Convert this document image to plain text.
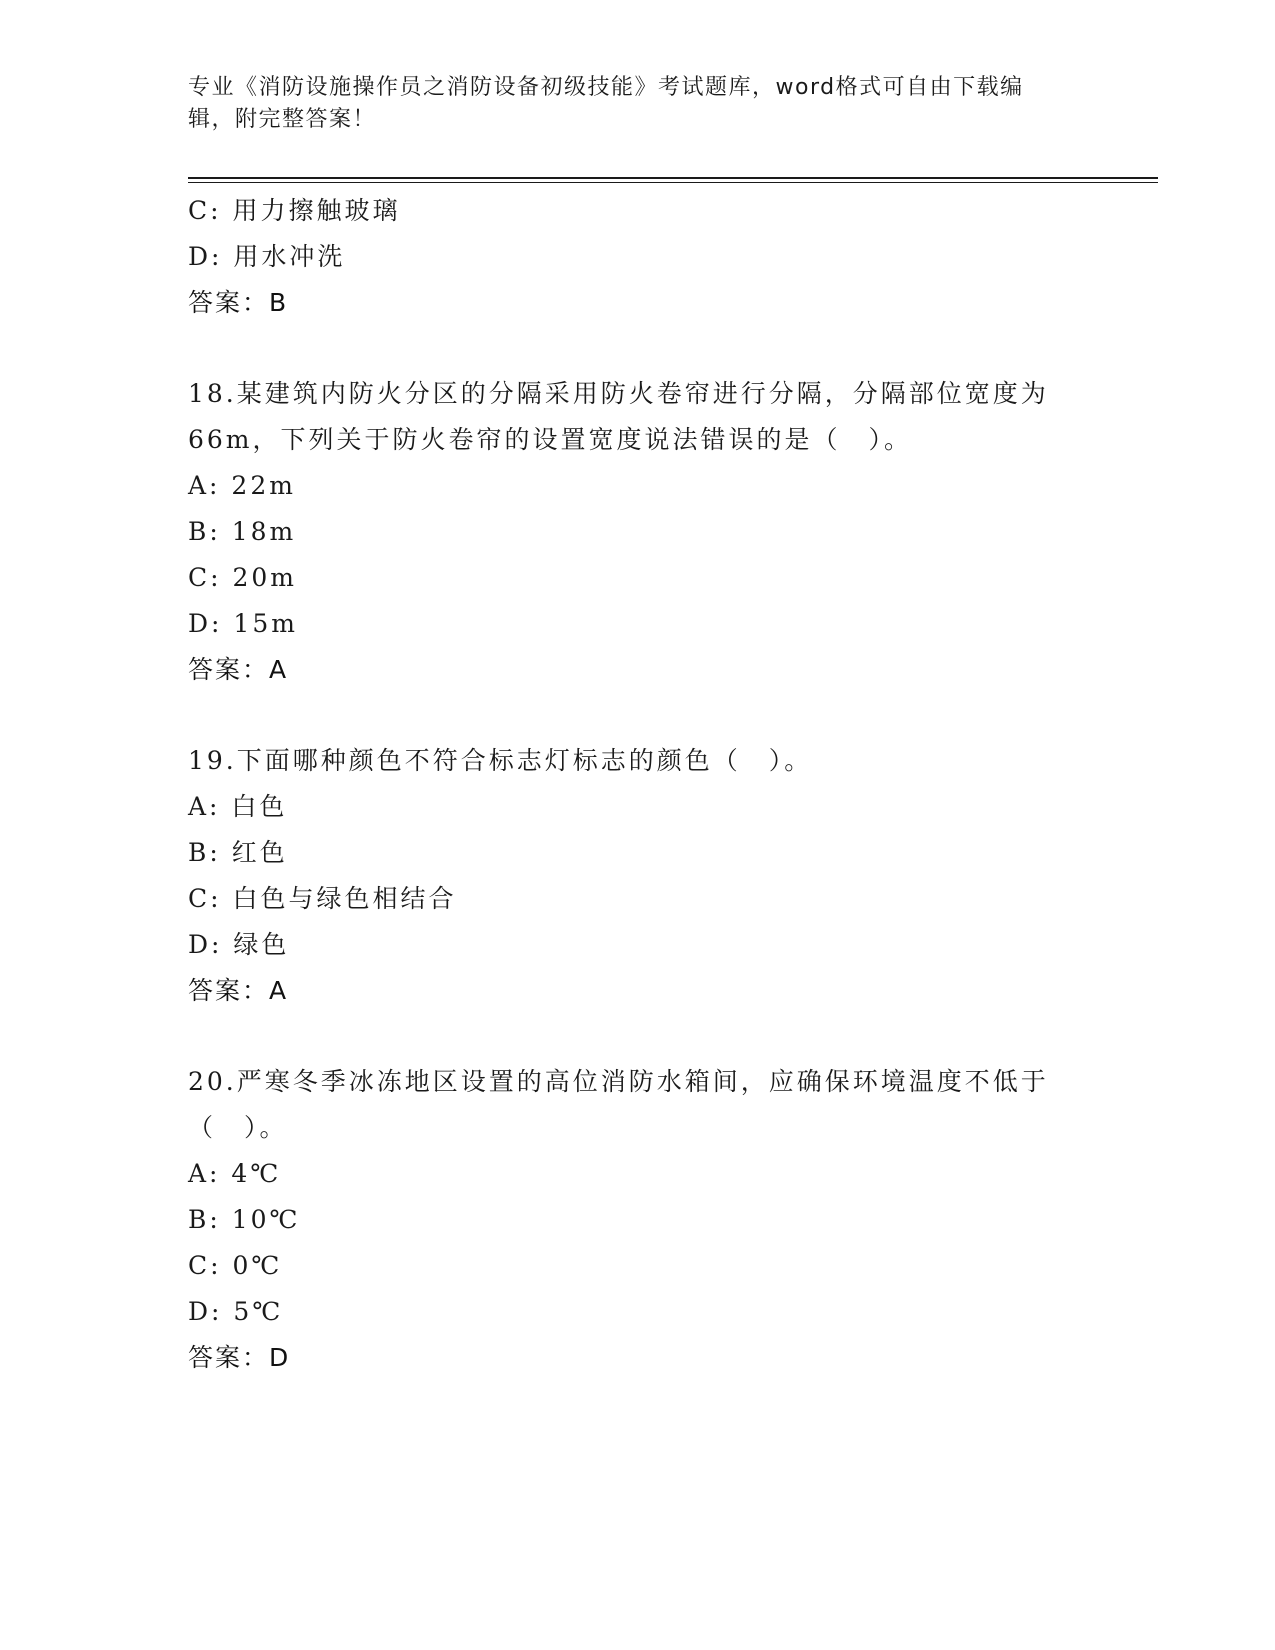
专业《消防设施操作员之消防设备初级技能》考试题库，word格式可自由下载编
辑，附完整答案！
C: 用力擦触玻璃
D: 用水冲洗
答案：B
18.某建筑内防火分区的分隔采用防火卷帘进行分隔，分隔部位宽度为
66m，下列关于防火卷帘的设置宽度说法错误的是（　）。
A: 22m
B: 18m
C: 20m
D: 15m
答案：A
19.下面哪种颜色不符合标志灯标志的颜色（　）。
A: 白色
B: 红色
C: 白色与绿色相结合
D: 绿色
答案：A
20.严寒冬季冰冻地区设置的高位消防水箱间，应确保环境温度不低于
（　）。
A: 4℃
B: 10℃
C: 0℃
D: 5℃
答案：D
